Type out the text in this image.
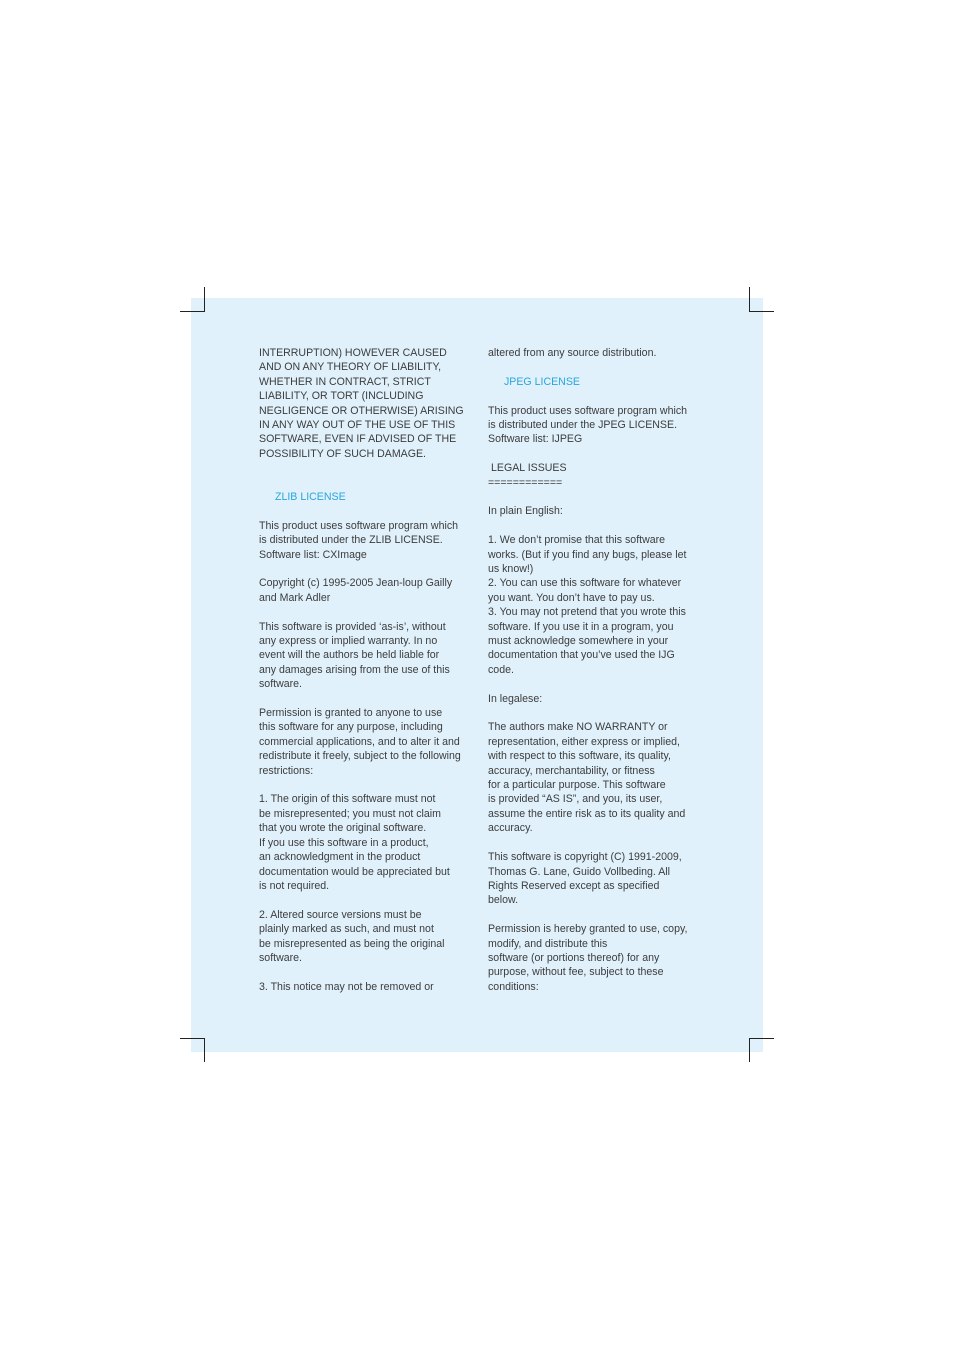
INTERRUPTION) HOWEVER CAUSED
AND ON ANY THEORY OF LIABILITY,
WHETHER IN CONTRACT, STRICT
LIABILITY, OR TORT (INCLUDING
NEGLIGENCE OR OTHERWISE) ARISING
IN ANY WAY OUT OF THE USE OF THIS
SOFTWARE, EVEN IF ADVISED OF THE
POSSIBILITY OF SUCH DAMAGE.
ZLIB LICENSE
This product uses software program which
is distributed under the ZLIB LICENSE.
Software list: CXImage
Copyright (c) 1995-2005 Jean-loup Gailly
and Mark Adler
This software is provided ‘as-is’, without
any express or implied warranty. In no
event will the authors be held liable for
any damages arising from the use of this
software.
Permission is granted to anyone to use
this software for any purpose, including
commercial applications, and to alter it and
redistribute it freely, subject to the following
restrictions:
1. The origin of this software must not
be misrepresented; you must not claim
that you wrote the original software.
If you use this software in a product,
an acknowledgment in the product
documentation would be appreciated but
is not required.
2. Altered source versions must be
plainly marked as such, and must not
be misrepresented as being the original
software.
3. This notice may not be removed or
altered from any source distribution.
JPEG LICENSE
This product uses software program which
is distributed under the JPEG LICENSE.
Software list: IJPEG
LEGAL ISSUES
============
In plain English:
1. We don’t promise that this software
works. (But if you find any bugs, please let
us know!)
2. You can use this software for whatever
you want. You don’t have to pay us.
3. You may not pretend that you wrote this
software. If you use it in a program, you
must acknowledge somewhere in your
documentation that you’ve used the IJG
code.
In legalese:
The authors make NO WARRANTY or
representation, either express or implied,
with respect to this software, its quality,
accuracy, merchantability, or fitness
for a particular purpose. This software
is provided “AS IS”, and you, its user,
assume the entire risk as to its quality and
accuracy.
This software is copyright (C) 1991-2009,
Thomas G. Lane, Guido Vollbeding. All
Rights Reserved except as specified
below.
Permission is hereby granted to use, copy,
modify, and distribute this
software (or portions thereof) for any
purpose, without fee, subject to these
conditions:
